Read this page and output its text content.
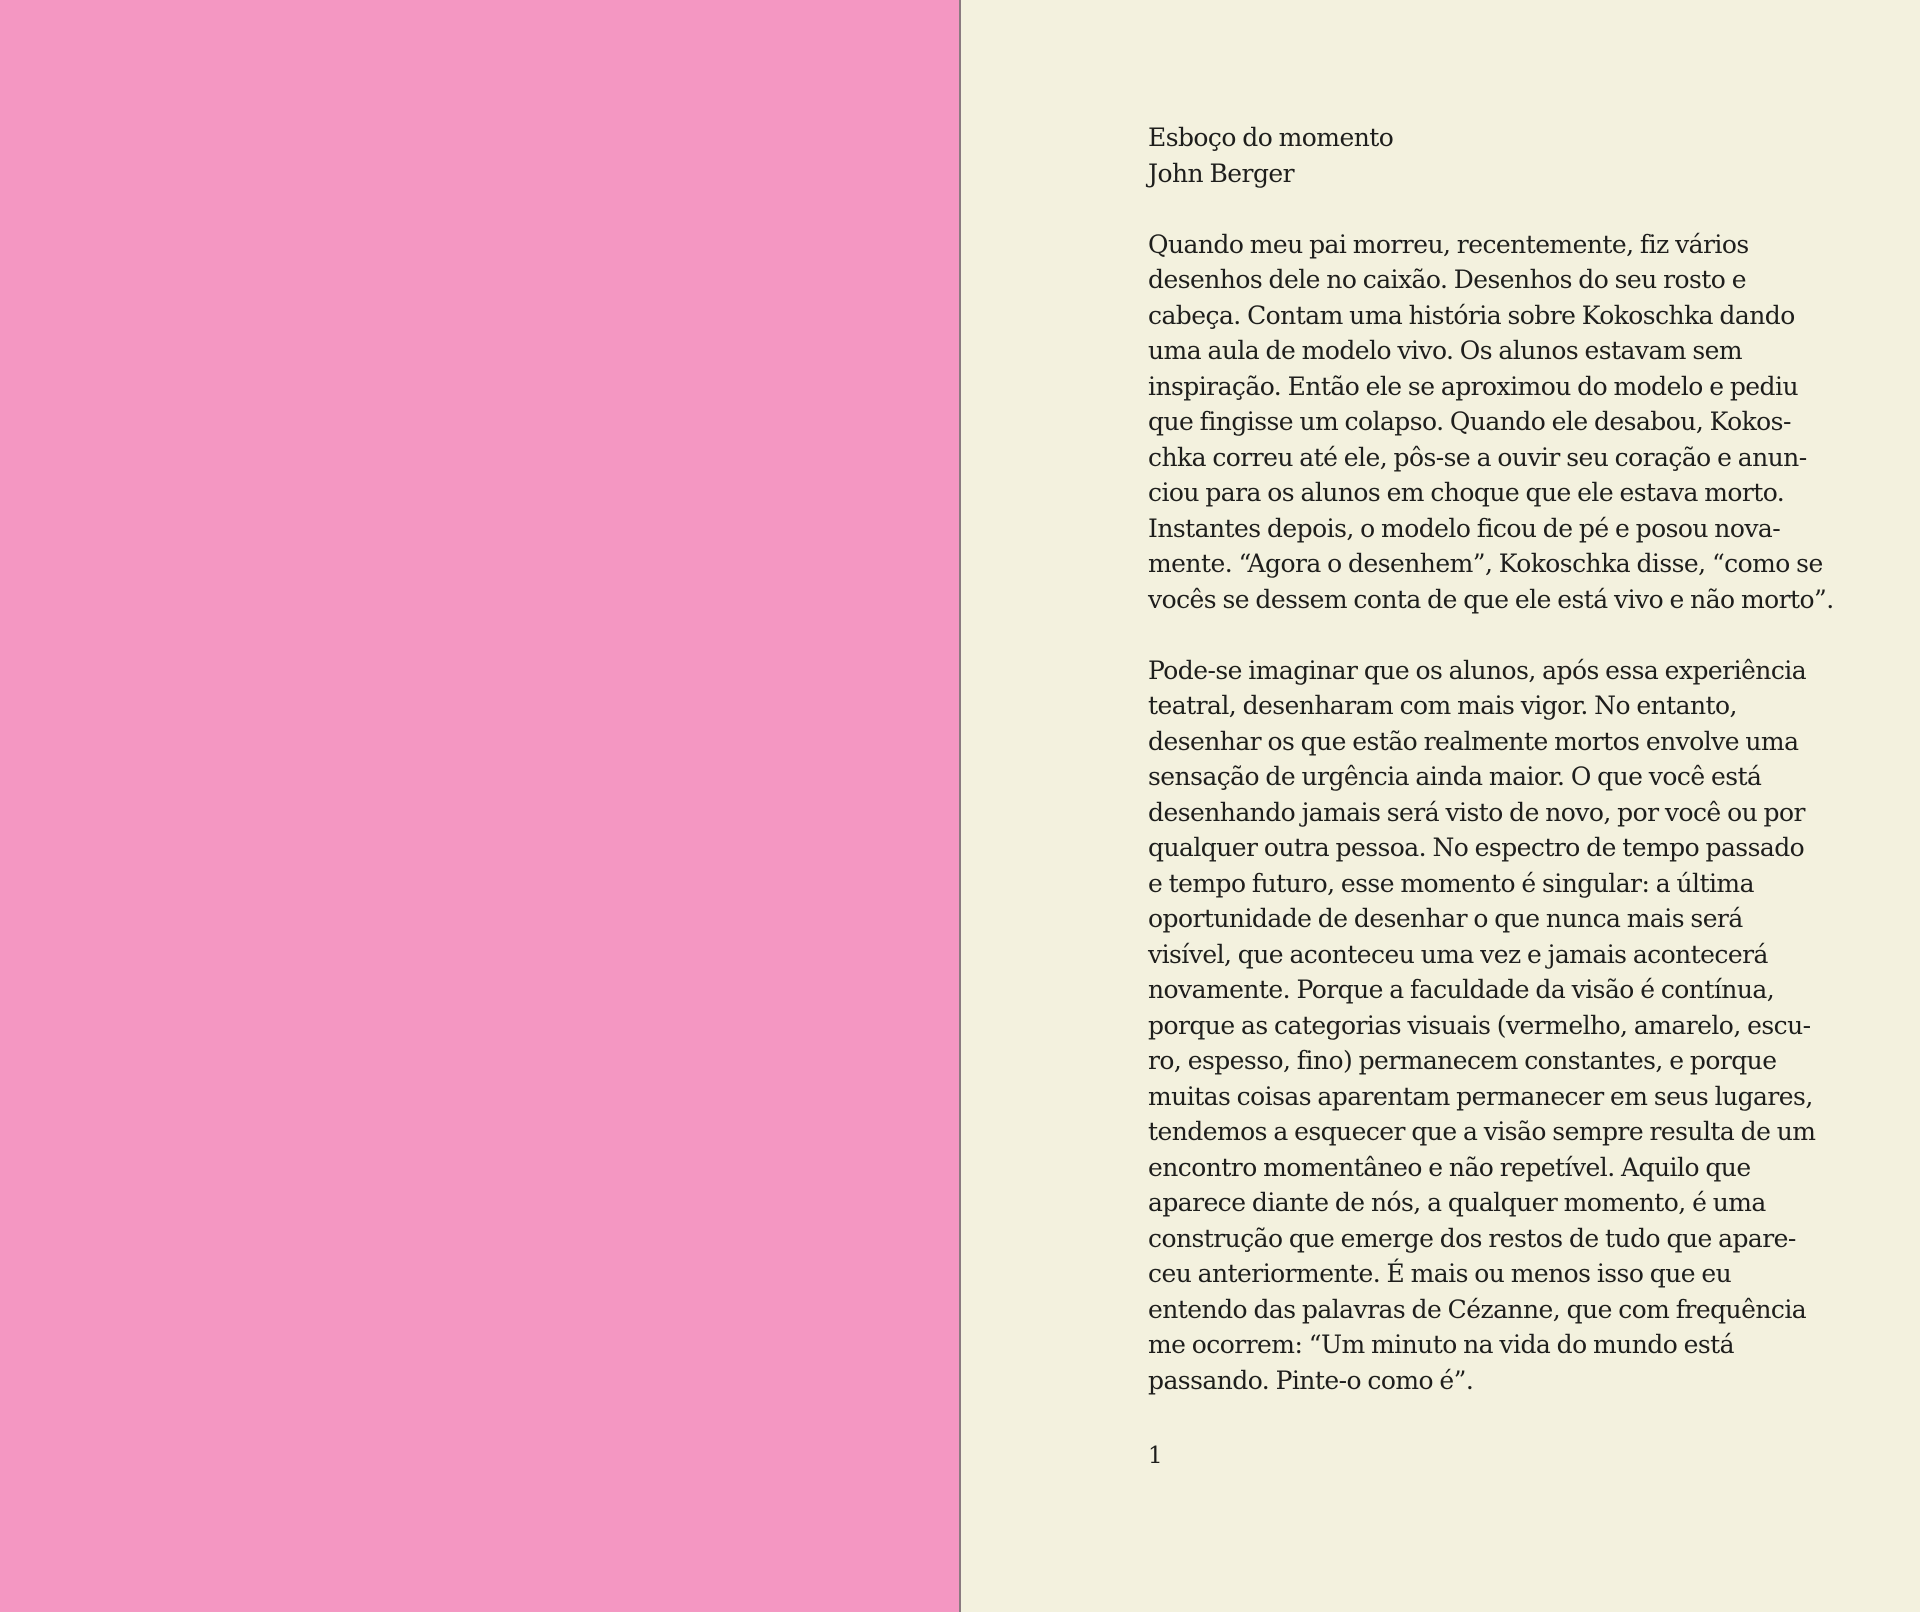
Esboço do momento
John Berger

Quando meu pai morreu, recentemente, fiz vários
desenhos dele no caixão. Desenhos do seu rosto e
cabeça. Contam uma história sobre Kokoschka dando
uma aula de modelo vivo. Os alunos estavam sem
inspiração. Então ele se aproximou do modelo e pediu
que fingisse um colapso. Quando ele desabou, Kokos-
chka correu até ele, pôs-se a ouvir seu coração e anun-
ciou para os alunos em choque que ele estava morto.
Instantes depois, o modelo ficou de pé e posou nova-
mente. “Agora o desenhem”, Kokoschka disse, “como se
vocês se dessem conta de que ele está vivo e não morto”.

Pode-se imaginar que os alunos, após essa experiência
teatral, desenharam com mais vigor. No entanto,
desenhar os que estão realmente mortos envolve uma
sensação de urgência ainda maior. O que você está
desenhando jamais será visto de novo, por você ou por
qualquer outra pessoa. No espectro de tempo passado
e tempo futuro, esse momento é singular: a última
oportunidade de desenhar o que nunca mais será
visível, que aconteceu uma vez e jamais acontecerá
novamente. Porque a faculdade da visão é contínua,
porque as categorias visuais (vermelho, amarelo, escu-
ro, espesso, fino) permanecem constantes, e porque
muitas coisas aparentam permanecer em seus lugares,
tendemos a esquecer que a visão sempre resulta de um
encontro momentâneo e não repetível. Aquilo que
aparece diante de nós, a qualquer momento, é uma
construção que emerge dos restos de tudo que apare-
ceu anteriormente. É mais ou menos isso que eu
entendo das palavras de Cézanne, que com frequência
me ocorrem: “Um minuto na vida do mundo está
passando. Pinte-o como é”.

1
